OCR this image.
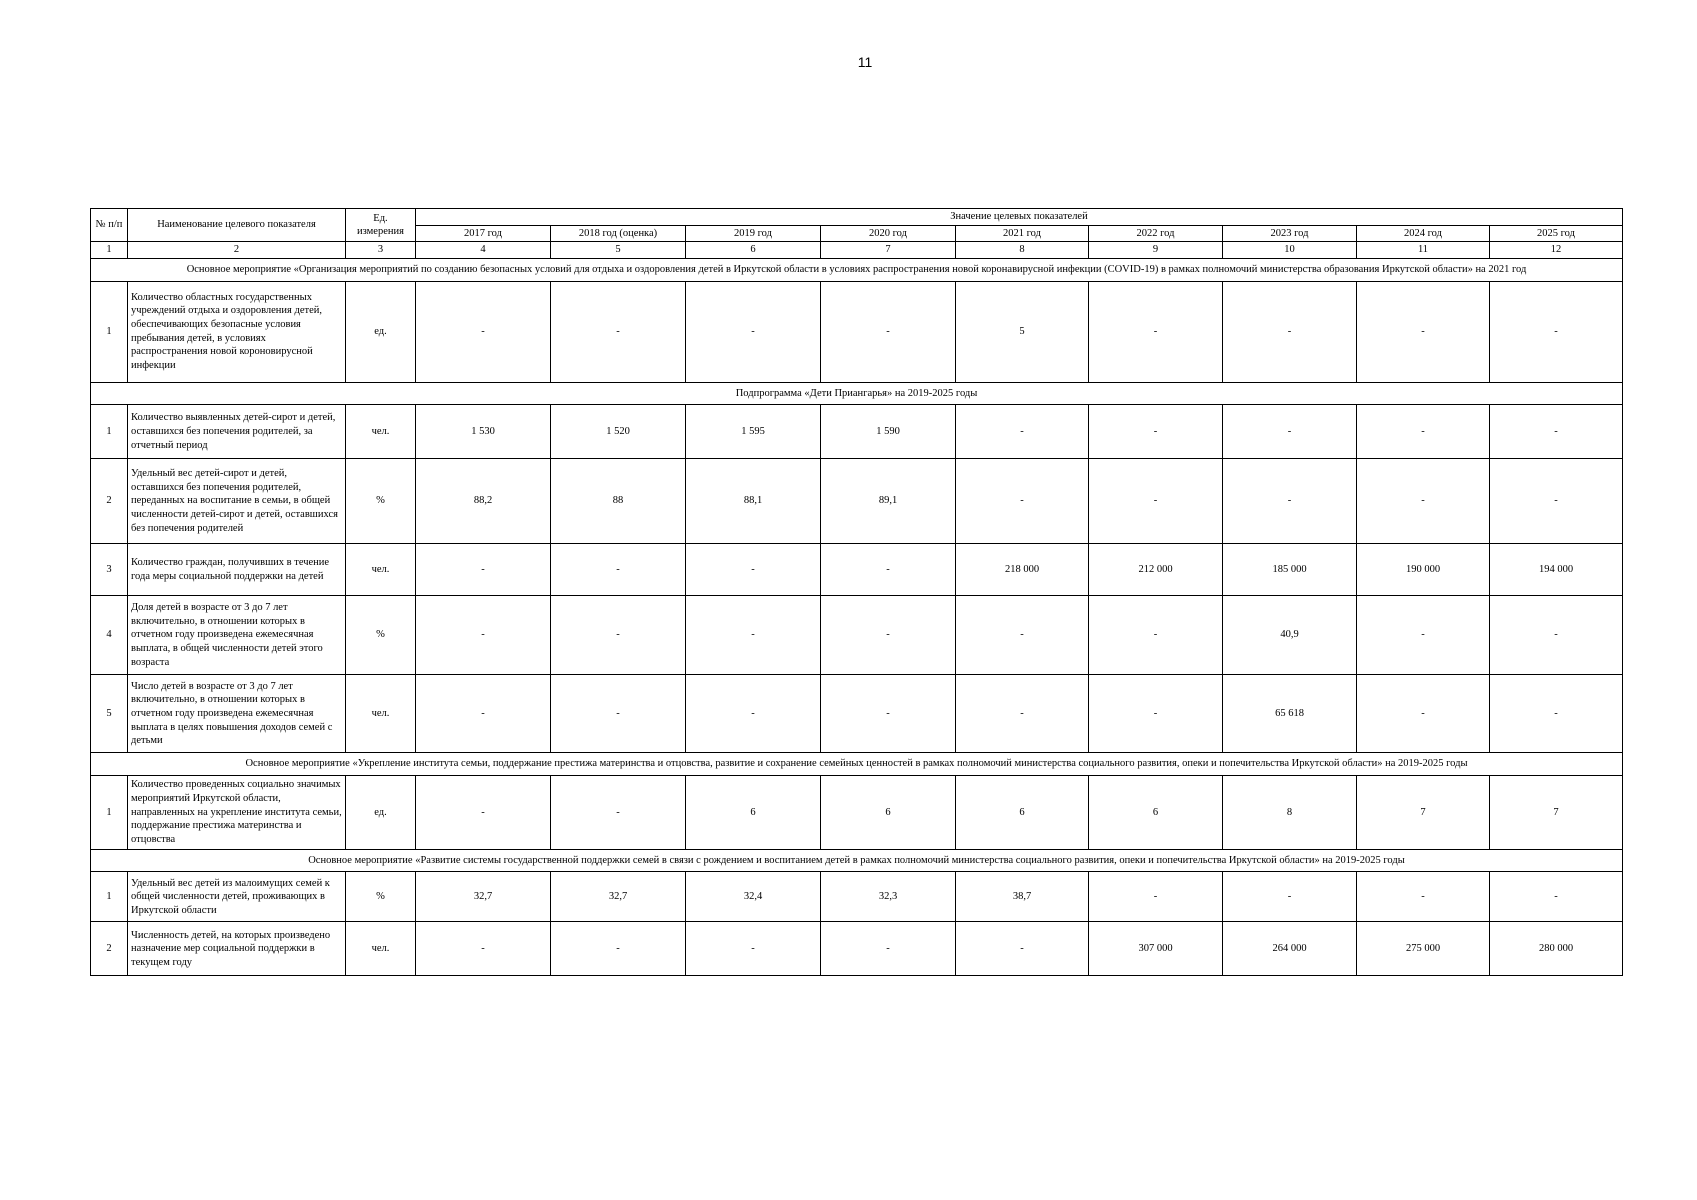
11
№ п/п	Наименование целевого показателя	Ед. измерения	Значение целевых показателей								
			2017 год	2018 год (оценка)	2019 год	2020 год	2021 год	2022 год	2023 год	2024 год	2025 год
1	2	3	4	5	6	7	8	9	10	11	12
Основное мероприятие «Организация мероприятий по созданию безопасных условий для отдыха и оздоровления детей в Иркутской области в условиях распространения новой коронавирусной инфекции (COVID-19) в рамках полномочий министерства образования Иркутской области» на 2021 год											
1	Количество областных государственных учреждений отдыха и оздоровления детей, обеспечивающих безопасные условия пребывания детей, в условиях распространения новой короновирусной инфекции	ед.	-	-	-	-	5	-	-	-	-
Подпрограмма «Дети Приангарья» на 2019-2025 годы											
1	Количество выявленных детей-сирот и детей, оставшихся без попечения родителей, за отчетный период	чел.	1 530	1 520	1 595	1 590	-	-	-	-	-
2	Удельный вес детей-сирот и детей, оставшихся без попечения родителей, переданных на воспитание в семьи, в общей численности детей-сирот и детей, оставшихся без попечения родителей	%	88,2	88	88,1	89,1	-	-	-	-	-
3	Количество граждан, получивших в течение года меры социальной поддержки на детей	чел.	-	-	-	-	218 000	212 000	185 000	190 000	194 000
4	Доля детей в возрасте от 3 до 7 лет включительно, в отношении которых в отчетном году произведена ежемесячная выплата, в общей численности детей этого возраста	%	-	-	-	-	-	-	40,9	-	-
5	Число детей в возрасте от 3 до 7 лет включительно, в отношении которых в отчетном году произведена ежемесячная выплата в целях повышения доходов семей с детьми	чел.	-	-	-	-	-	-	65 618	-	-
Основное мероприятие «Укрепление института семьи, поддержание престижа материнства и отцовства, развитие и сохранение семейных ценностей в рамках полномочий министерства социального развития, опеки и попечительства Иркутской области» на 2019-2025 годы											
1	Количество проведенных социально значимых мероприятий Иркутской области, направленных на укрепление института семьи, поддержание престижа материнства и отцовства	ед.	-	-	6	6	6	6	8	7	7
Основное мероприятие «Развитие системы государственной поддержки семей в связи с рождением и воспитанием детей в рамках полномочий министерства социального развития, опеки и попечительства Иркутской области» на 2019-2025 годы											
1	Удельный вес детей из малоимущих семей к общей численности детей, проживающих в Иркутской области	%	32,7	32,7	32,4	32,3	38,7	-	-	-	-
2	Численность детей, на которых произведено назначение мер социальной поддержки в текущем году	чел.	-	-	-	-	-	307 000	264 000	275 000	280 000
